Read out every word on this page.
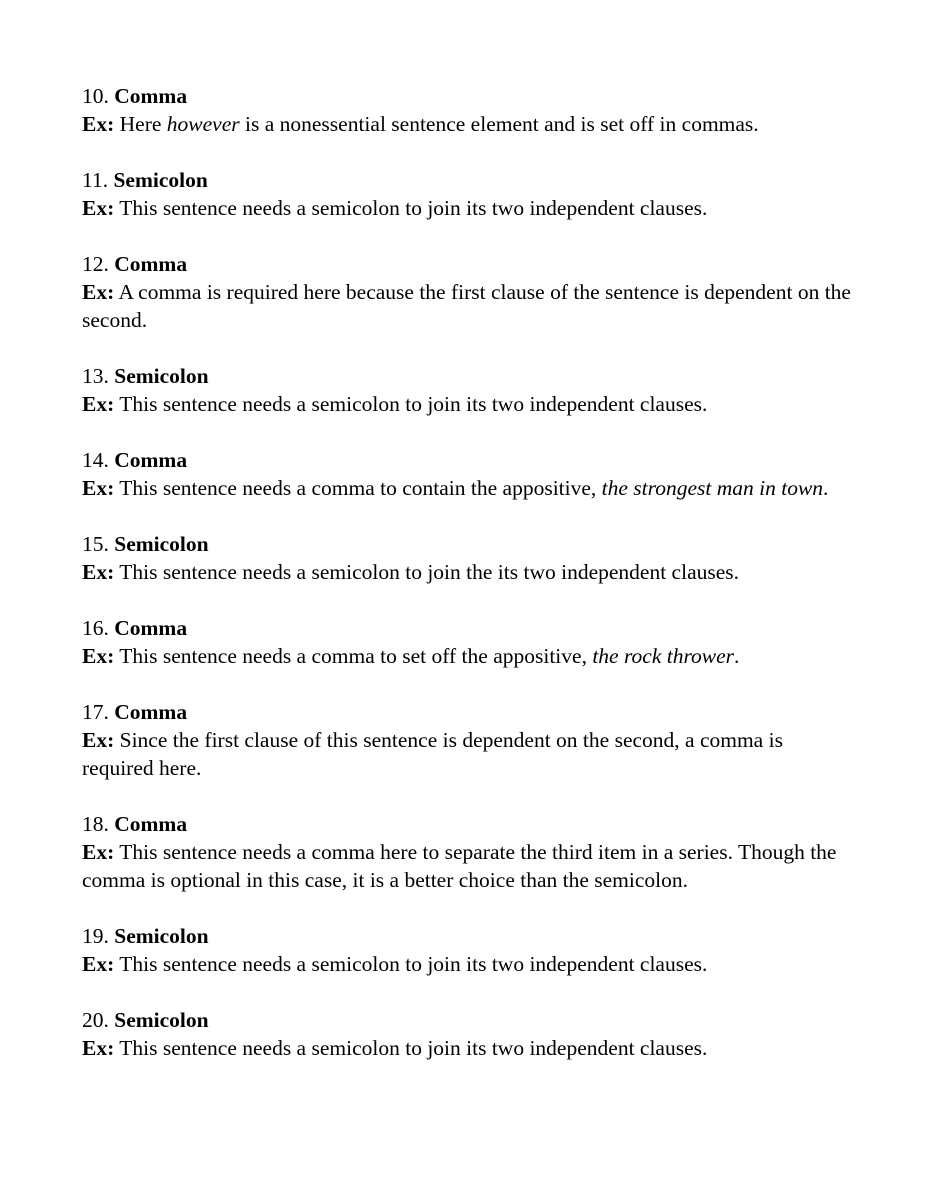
10. Comma
Ex: Here however is a nonessential sentence element and is set off in commas.
11. Semicolon
Ex: This sentence needs a semicolon to join its two independent clauses.
12. Comma
Ex: A comma is required here because the first clause of the sentence is dependent on the second.
13. Semicolon
Ex: This sentence needs a semicolon to join its two independent clauses.
14. Comma
Ex: This sentence needs a comma to contain the appositive, the strongest man in town.
15. Semicolon
Ex: This sentence needs a semicolon to join the its two independent clauses.
16. Comma
Ex: This sentence needs a comma to set off the appositive, the rock thrower.
17. Comma
Ex: Since the first clause of this sentence is dependent on the second, a comma is required here.
18. Comma
Ex: This sentence needs a comma here to separate the third item in a series. Though the comma is optional in this case, it is a better choice than the semicolon.
19. Semicolon
Ex: This sentence needs a semicolon to join its two independent clauses.
20. Semicolon
Ex: This sentence needs a semicolon to join its two independent clauses.
